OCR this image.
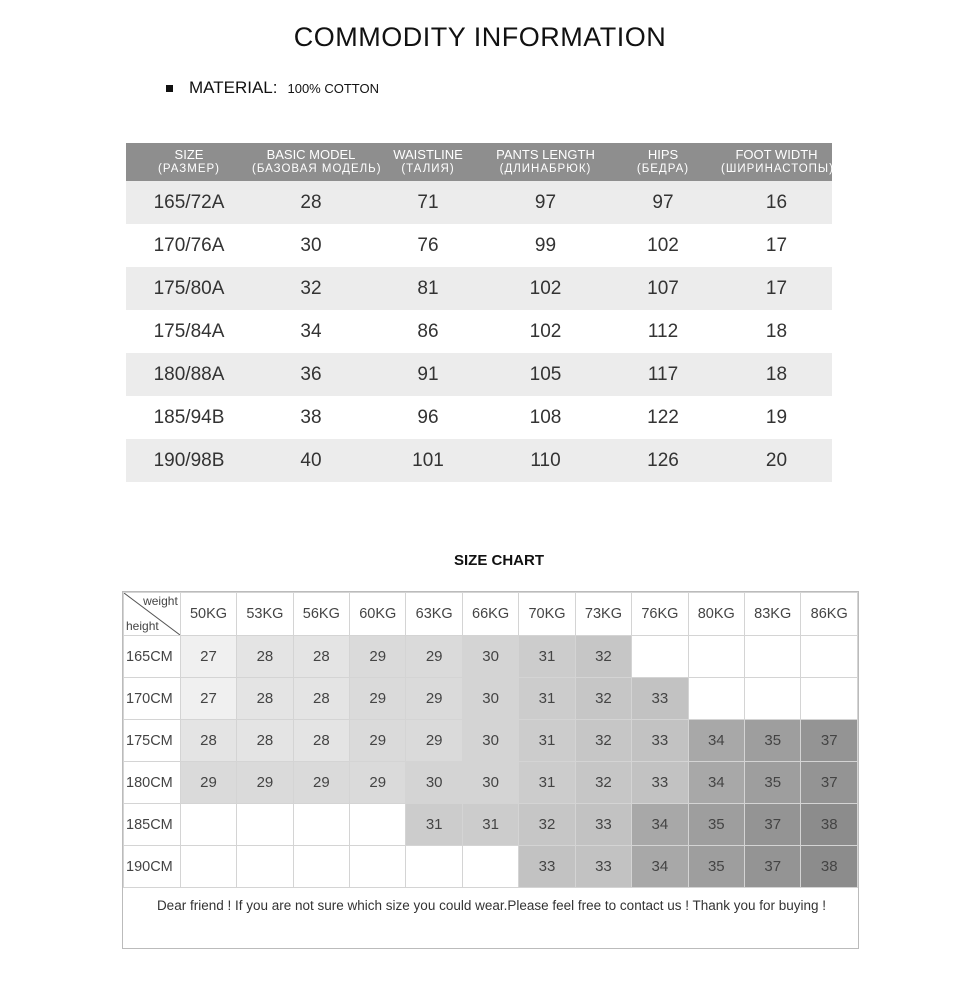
COMMODITY INFORMATION
MATERIAL: 100% COTTON
SIZE
(РАЗМЕР)
BASIC MODEL
(БАЗОВАЯ МОДЕЛЬ)
WAISTLINE
(ТАЛИЯ)
PANTS LENGTH
(ДЛИНАБРЮК)
HIPS
(БЕДРА)
FOOT WIDTH
(ШИРИНАСТОПЫ)
165/72A	28	71	97	97	16
170/76A	30	76	99	102	17
175/80A	32	81	102	107	17
175/84A	34	86	102	112	18
180/88A	36	91	105	117	18
185/94B	38	96	108	122	19
190/98B	40	101	110	126	20
SIZE CHART
weight
height	50KG	53KG	56KG	60KG	63KG	66KG	70KG	73KG	76KG	80KG	83KG	86KG
165CM	27	28	28	29	29	30	31	32				
170CM	27	28	28	29	29	30	31	32	33			
175CM	28	28	28	29	29	30	31	32	33	34	35	37
180CM	29	29	29	29	30	30	31	32	33	34	35	37
185CM					31	31	32	33	34	35	37	38
190CM							33	33	34	35	37	38
Dear friend ! If you are not sure which size you could wear.Please feel free to contact us ! Thank you for buying !
